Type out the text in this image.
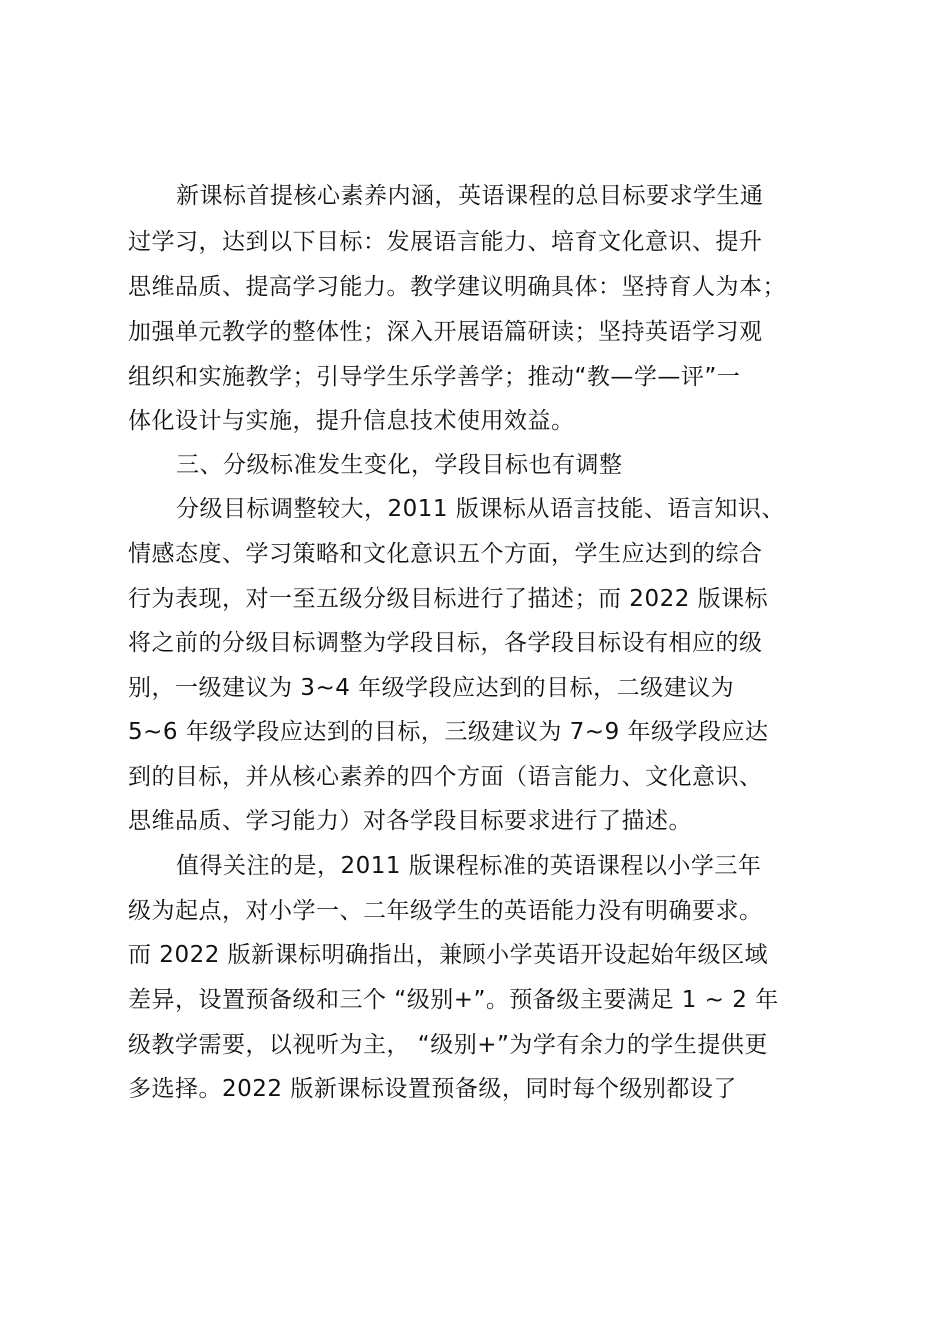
新课标首提核心素养内涵，英语课程的总目标要求学生通
过学习，达到以下目标：发展语言能力、培育文化意识、提升
思维品质、提高学习能力。教学建议明确具体：坚持育人为本；
加强单元教学的整体性；深入开展语篇研读；坚持英语学习观
组织和实施教学；引导学生乐学善学；推动“教—学—评”一
体化设计与实施，提升信息技术使用效益。
三、分级标准发生变化，学段目标也有调整
分级目标调整较大，2011 版课标从语言技能、语言知识、
情感态度、学习策略和文化意识五个方面，学生应达到的综合
行为表现，对一至五级分级目标进行了描述；而 2022 版课标
将之前的分级目标调整为学段目标，各学段目标设有相应的级
别，一级建议为 3~4 年级学段应达到的目标，二级建议为
5~6 年级学段应达到的目标，三级建议为 7~9 年级学段应达
到的目标，并从核心素养的四个方面（语言能力、文化意识、
思维品质、学习能力）对各学段目标要求进行了描述。
值得关注的是，2011 版课程标准的英语课程以小学三年
级为起点，对小学一、二年级学生的英语能力没有明确要求。
而 2022 版新课标明确指出，兼顾小学英语开设起始年级区域
差异，设置预备级和三个 “级别+”。预备级主要满足 1 ~ 2 年
级教学需要，以视听为主， “级别+”为学有余力的学生提供更
多选择。2022 版新课标设置预备级，同时每个级别都设了
